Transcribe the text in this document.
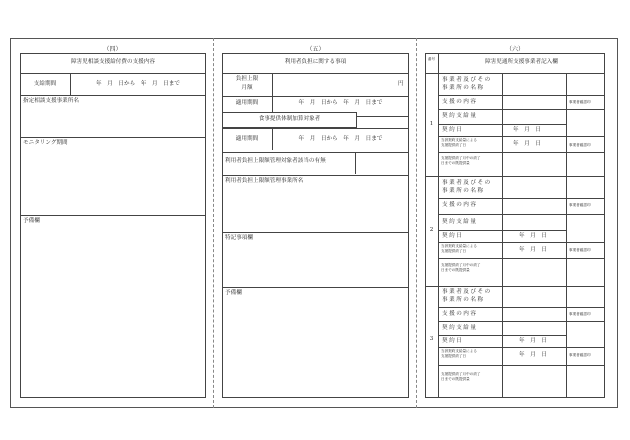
（四）
障害児相談支援給付費の支援内容
支給期間	年　月　日から　年　月　日まで
指定相談支援事業所名
モニタリング期間
予備欄
（五）
利用者負担に関する事項
負担上限
月額
円
適用期間	年　月　日から　年　月　日まで
食事提供体制加算対象者
適用期間	年　月　日から　年　月　日まで
利用者負担上限額管理対象者該当の有無
利用者負担上限額管理事業所名
特記事項欄
予備欄
（六）
番号	障害児通所支援事業者記入欄
1
事業者及びその
事業所の名称
支援の内容	事業者確認印
契約支給量
契約日	年　月　日
当該契約支給量による
支援提供終了日	年　月　日	事業者確認印
支援提供終了月中の終了
日までの既提供量
2
事業者及びその
事業所の名称
支援の内容	事業者確認印
契約支給量
契約日	年　月　日
当該契約支給量による
支援提供終了日	年　月　日	事業者確認印
支援提供終了月中の終了
日までの既提供量
3
事業者及びその
事業所の名称
支援の内容	事業者確認印
契約支給量
契約日	年　月　日
当該契約支給量による
支援提供終了日	年　月　日	事業者確認印
支援提供終了月中の終了
日までの既提供量
